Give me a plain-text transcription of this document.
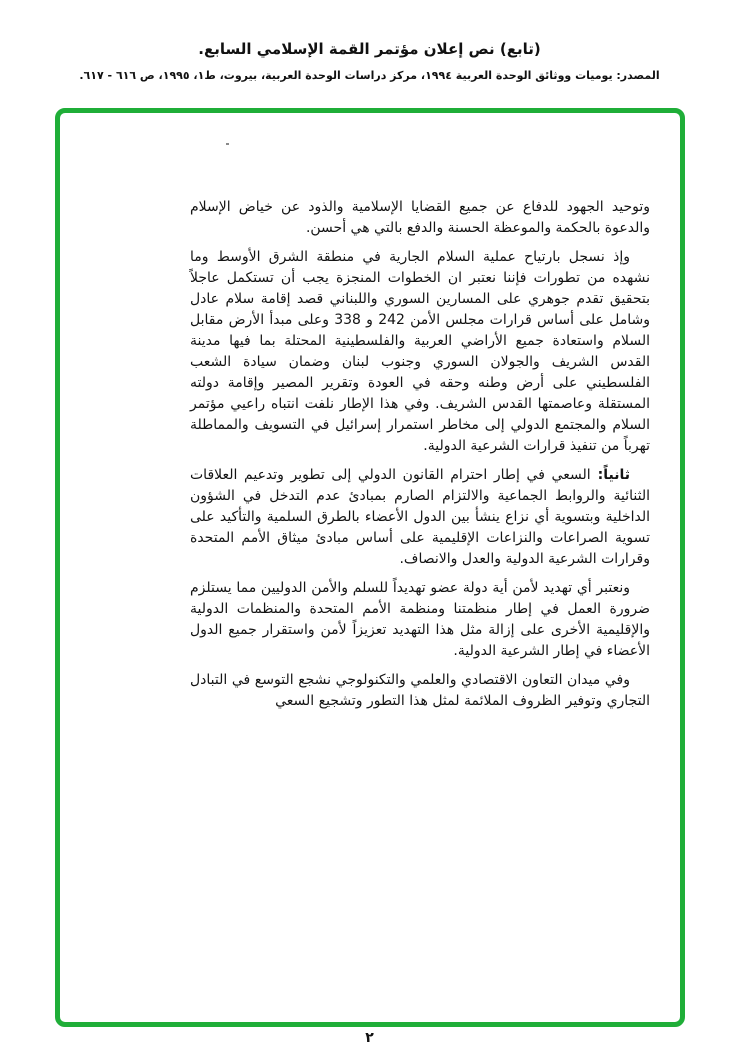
(تابع) نص إعلان مؤتمر القمة الإسلامي السابع.
المصدر: يوميات ووثائق الوحدة العربية ١٩٩٤، مركز دراسات الوحدة العربية، بيروت، ط١، ١٩٩٥، ص ٦١٦ - ٦١٧.

وتوحيد الجهود للدفاع عن جميع القضايا الإسلامية والذود عن خياض الإسلام والدعوة بالحكمة والموعظة الحسنة والدفع بالتي هي أحسن.

وإذ نسجل بارتياح عملية السلام الجارية في منطقة الشرق الأوسط وما نشهده من تطورات فإننا نعتبر ان الخطوات المنجزة يجب أن تستكمل عاجلاً بتحقيق تقدم جوهري على المسارين السوري واللبناني قصد إقامة سلام عادل وشامل على أساس قرارات مجلس الأمن 242 و 338 وعلى مبدأ الأرض مقابل السلام واستعادة جميع الأراضي العربية والفلسطينية المحتلة بما فيها مدينة القدس الشريف والجولان السوري وجنوب لبنان وضمان سيادة الشعب الفلسطيني على أرض وطنه وحقه في العودة وتقرير المصير وإقامة دولته المستقلة وعاصمتها القدس الشريف. وفي هذا الإطار نلفت انتباه راعيي مؤتمر السلام والمجتمع الدولي إلى مخاطر استمرار إسرائيل في التسويف والمماطلة تهرباً من تنفيذ قرارات الشرعية الدولية.

ثانياً: السعي في إطار احترام القانون الدولي إلى تطوير وتدعيم العلاقات الثنائية والروابط الجماعية والالتزام الصارم بمبادئ عدم التدخل في الشؤون الداخلية وبتسوية أي نزاع ينشأ بين الدول الأعضاء بالطرق السلمية والتأكيد على تسوية الصراعات والنزاعات الإقليمية على أساس مبادئ ميثاق الأمم المتحدة وقرارات الشرعية الدولية والعدل والانصاف.

ونعتبر أي تهديد لأمن أية دولة عضو تهديداً للسلم والأمن الدوليين مما يستلزم ضرورة العمل في إطار منظمتنا ومنظمة الأمم المتحدة والمنظمات الدولية والإقليمية الأخرى على إزالة مثل هذا التهديد تعزيزاً لأمن واستقرار جميع الدول الأعضاء في إطار الشرعية الدولية.

وفي ميدان التعاون الاقتصادي والعلمي والتكنولوجي نشجع التوسع في التبادل التجاري وتوفير الظروف الملائمة لمثل هذا التطور وتشجيع السعي

٢
